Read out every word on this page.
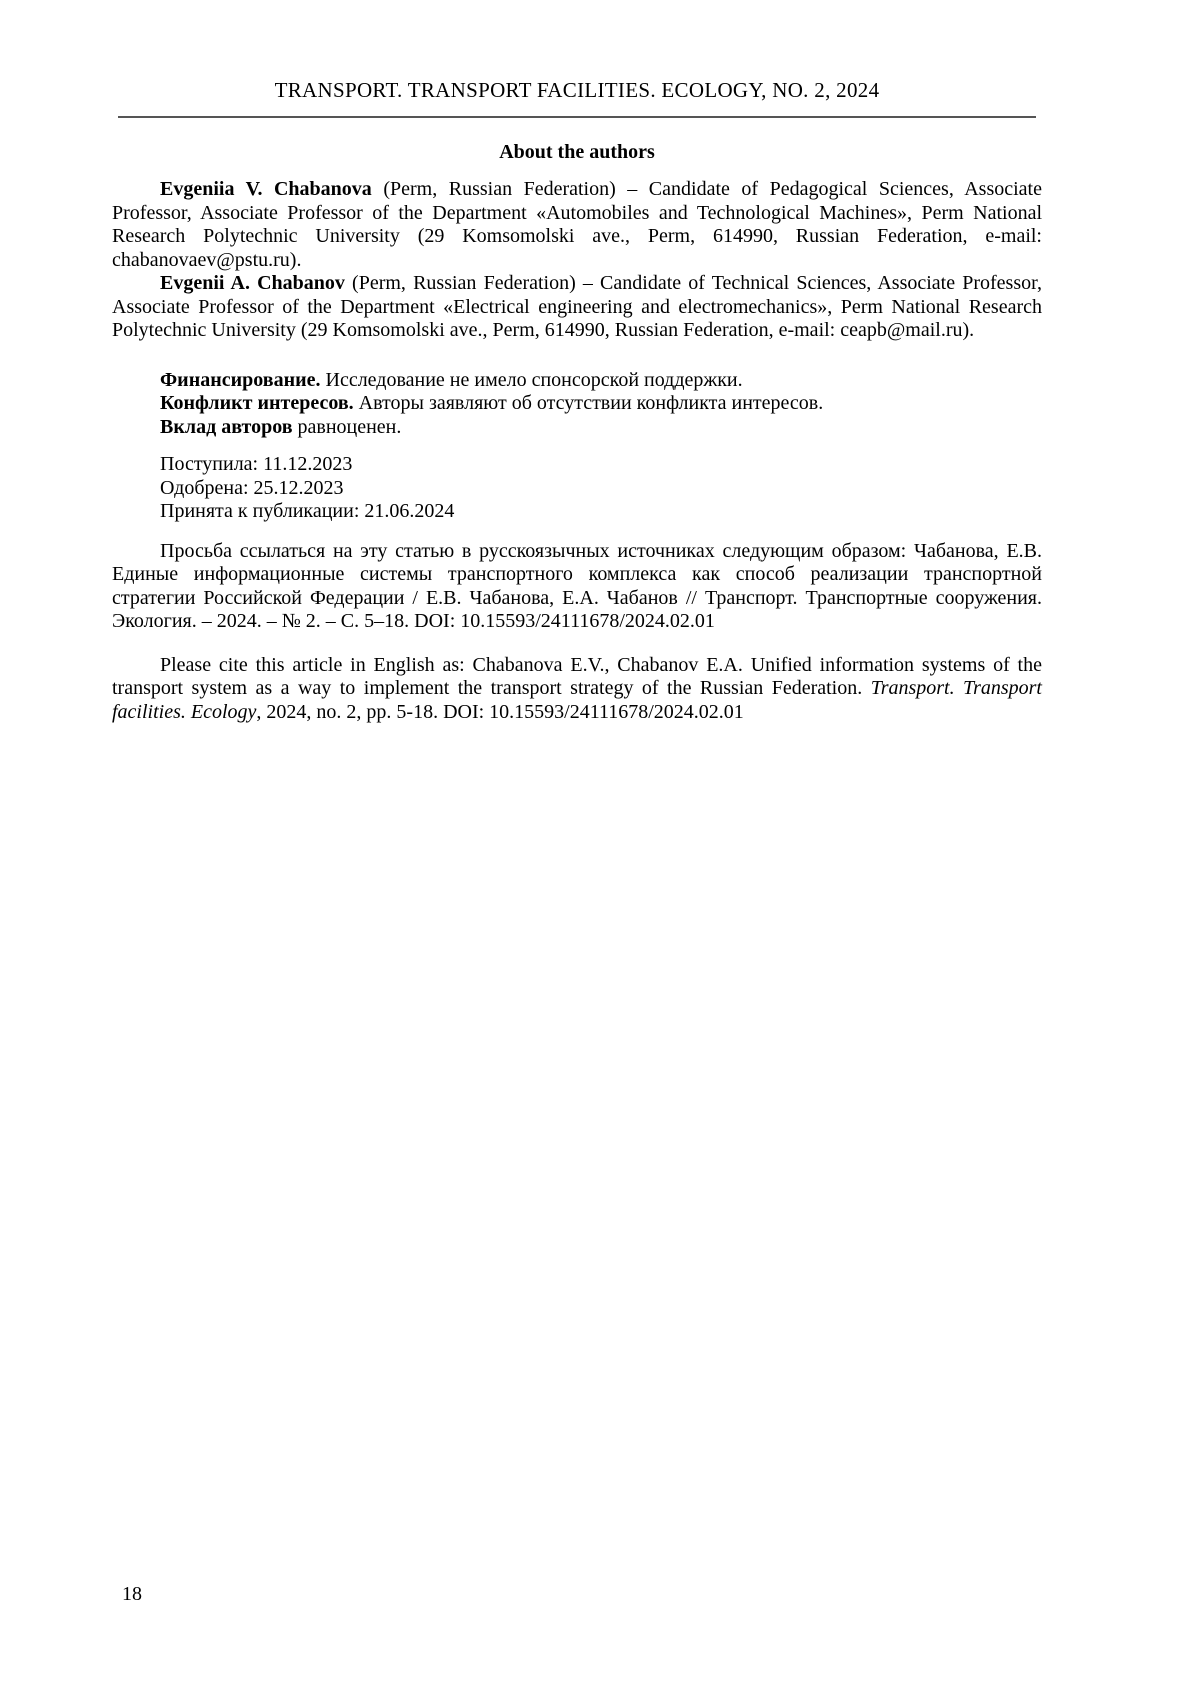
TRANSPORT. TRANSPORT FACILITIES. ECOLOGY, NO. 2, 2024
About the authors

Evgeniia V. Chabanova (Perm, Russian Federation) – Candidate of Pedagogical Sciences, Associate Professor, Associate Professor of the Department «Automobiles and Technological Machines», Perm National Research Polytechnic University (29 Komsomolski ave., Perm, 614990, Russian Federation, e-mail: chabanovaev@pstu.ru).

Evgenii A. Chabanov (Perm, Russian Federation) – Candidate of Technical Sciences, Associate Professor, Associate Professor of the Department «Electrical engineering and electromechanics», Perm National Research Polytechnic University (29 Komsomolski ave., Perm, 614990, Russian Federation, e-mail: ceapb@mail.ru).

Финансирование. Исследование не имело спонсорской поддержки.

Конфликт интересов. Авторы заявляют об отсутствии конфликта интересов.

Вклад авторов равноценен.

Поступила: 11.12.2023

Одобрена: 25.12.2023

Принята к публикации: 21.06.2024

Просьба ссылаться на эту статью в русскоязычных источниках следующим образом: Чабанова, Е.В. Единые информационные системы транспортного комплекса как способ реализации транспортной стратегии Российской Федерации / Е.В. Чабанова, Е.А. Чабанов // Транспорт. Транспортные сооружения. Экология. – 2024. – № 2. – С. 5–18. DOI: 10.15593/24111678/2024.02.01

Please cite this article in English as: Chabanova E.V., Chabanov E.A. Unified information systems of the transport system as a way to implement the transport strategy of the Russian Federation. Transport. Transport facilities. Ecology, 2024, no. 2, pp. 5-18. DOI: 10.15593/24111678/2024.02.01

18
